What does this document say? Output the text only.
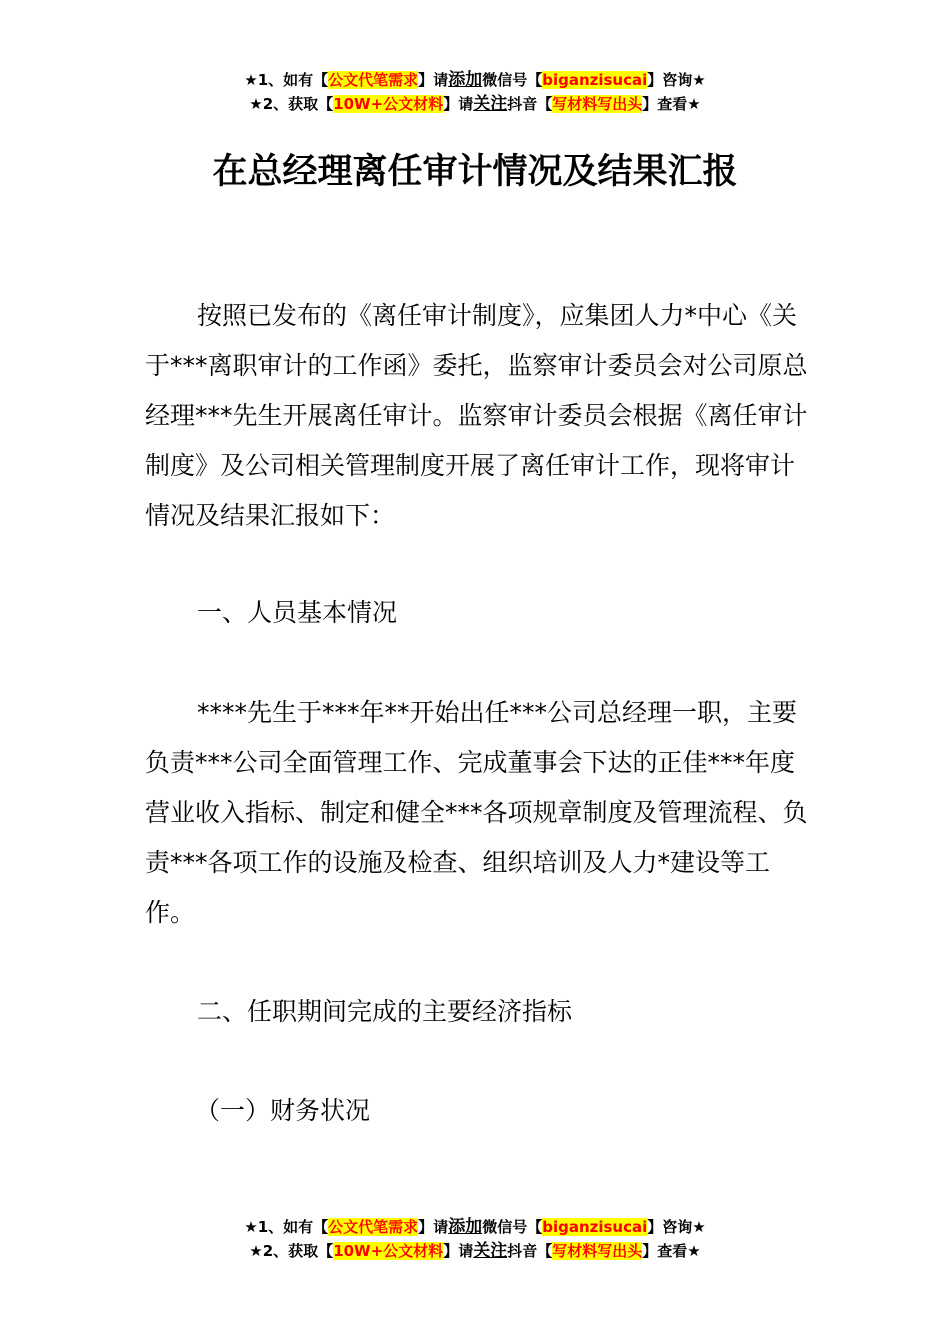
★1、如有【公文代笔需求】请添加微信号【biganzisucai】咨询★
★2、获取【10W+公文材料】请关注抖音【写材料写出头】查看★
在总经理离任审计情况及结果汇报
按照已发布的《离任审计制度》，应集团人力*中心《关于***离职审计的工作函》委托，监察审计委员会对公司原总经理***先生开展离任审计。监察审计委员会根据《离任审计制度》及公司相关管理制度开展了离任审计工作，现将审计情况及结果汇报如下：
一、人员基本情况
****先生于***年**开始出任***公司总经理一职，主要负责***公司全面管理工作、完成董事会下达的正佳***年度营业收入指标、制定和健全***各项规章制度及管理流程、负责***各项工作的设施及检查、组织培训及人力*建设等工作。
二、任职期间完成的主要经济指标
（一）财务状况
★1、如有【公文代笔需求】请添加微信号【biganzisucai】咨询★
★2、获取【10W+公文材料】请关注抖音【写材料写出头】查看★
